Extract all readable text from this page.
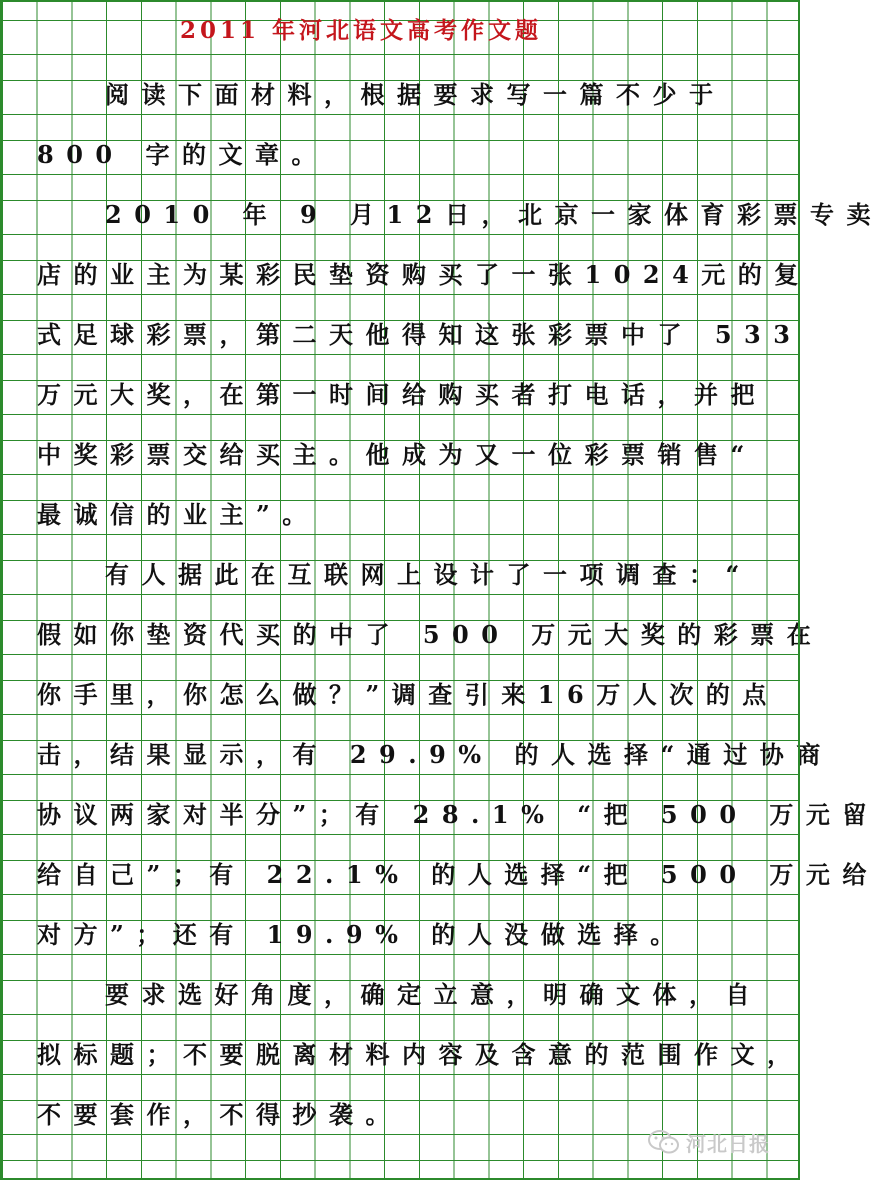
2011 年河北语文高考作文题
阅读下面材料，根据要求写一篇不少于
800 字的文章。
2010 年 9 月12日，北京一家体育彩票专卖
店的业主为某彩民垫资购买了一张1024元的复
式足球彩票，第二天他得知这张彩票中了 533
万元大奖，在第一时间给购买者打电话，并把
中奖彩票交给买主。他成为又一位彩票销售“
最诚信的业主”。
有人据此在互联网上设计了一项调查：“
假如你垫资代买的中了 500 万元大奖的彩票在
你手里，你怎么做？”调查引来16万人次的点
击，结果显示，有 29.9% 的人选择“通过协商
协议两家对半分”；有 28.1% “把 500 万元留
给自己”；有 22.1% 的人选择“把 500 万元给
对方”；还有 19.9% 的人没做选择。
要求选好角度，确定立意，明确文体，自
拟标题；不要脱离材料内容及含意的范围作文，
不要套作，不得抄袭。
河北日报
